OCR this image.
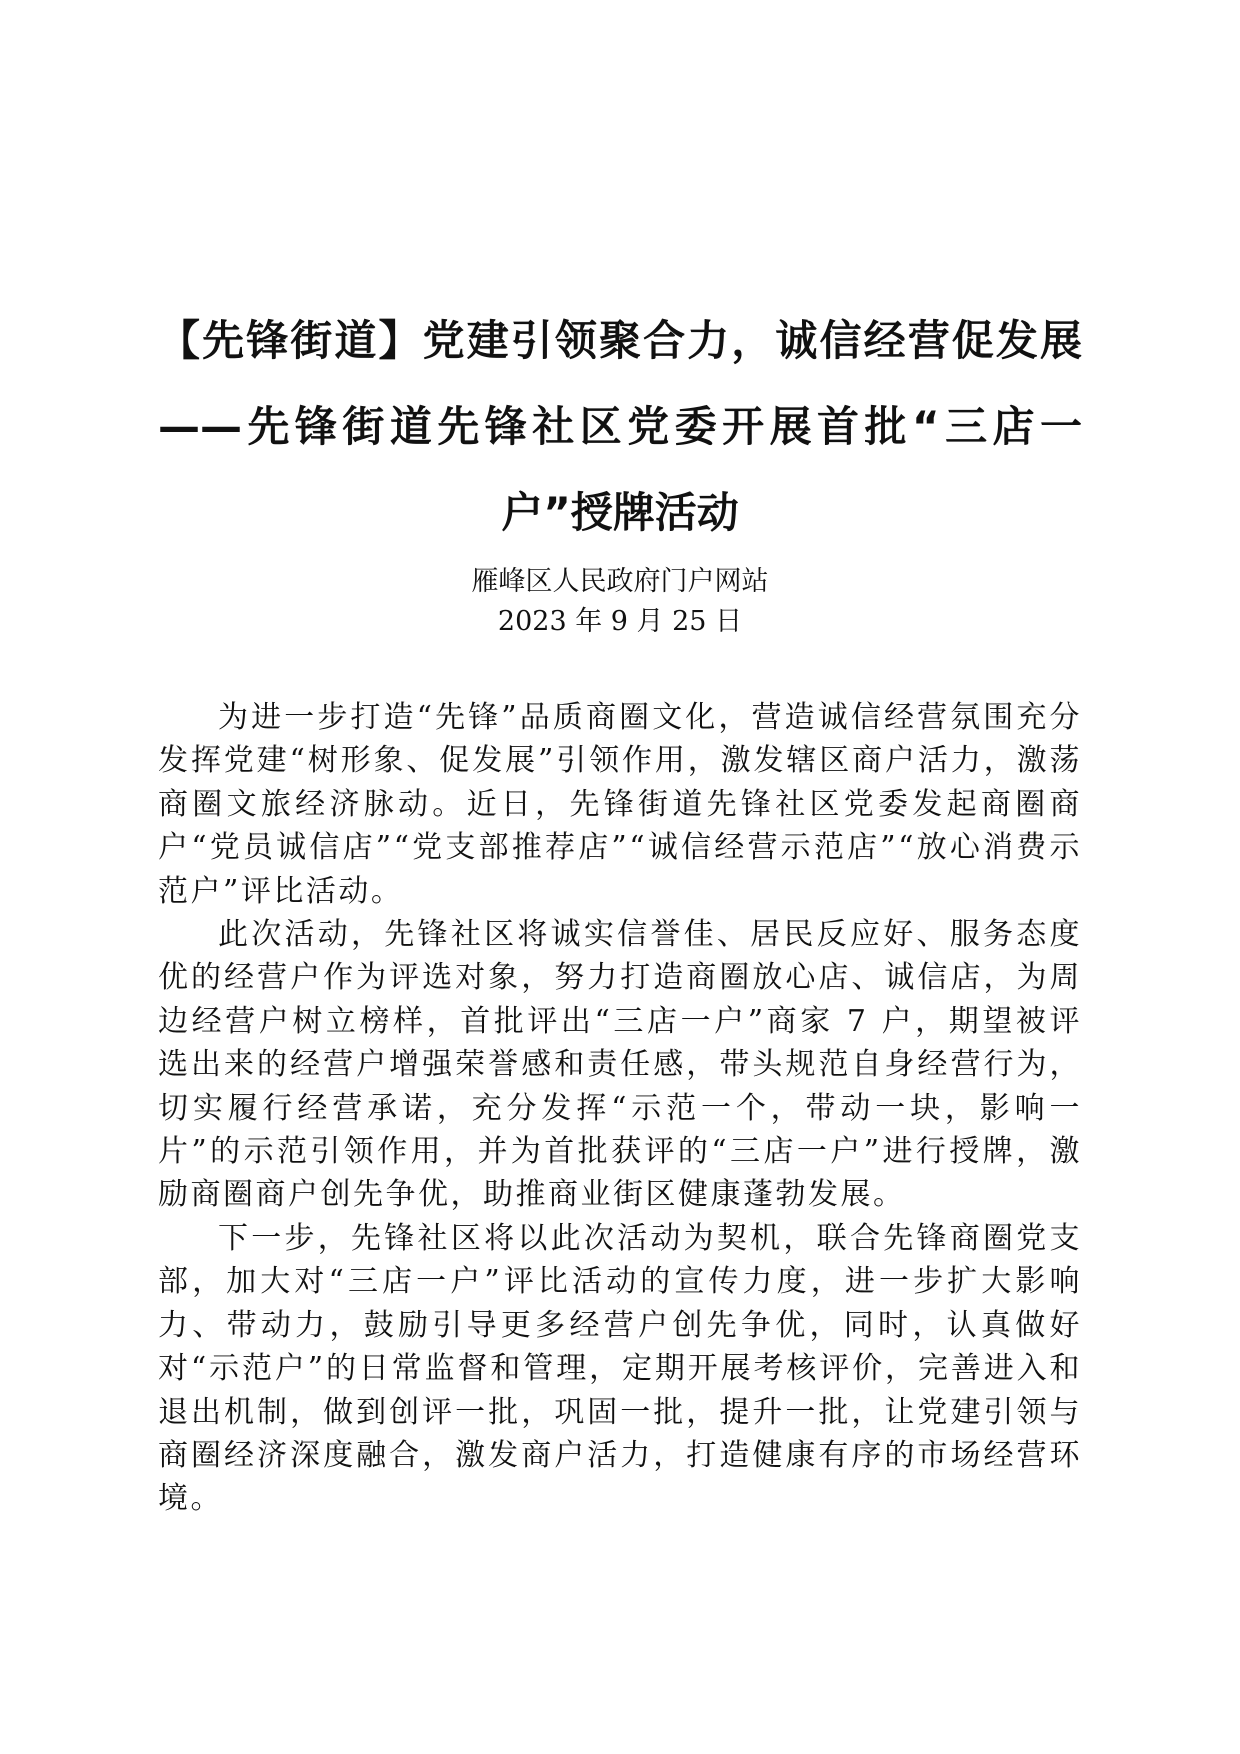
【先锋街道】党建引领聚合力，诚信经营促发展——先锋街道先锋社区党委开展首批“三店一户”授牌活动
雁峰区人民政府门户网站
2023 年 9 月 25 日

为进一步打造“先锋”品质商圈文化，营造诚信经营氛围充分发挥党建“树形象、促发展”引领作用，激发辖区商户活力，激荡商圈文旅经济脉动。近日，先锋街道先锋社区党委发起商圈商户“党员诚信店”“党支部推荐店”“诚信经营示范店”“放心消费示范户”评比活动。

此次活动，先锋社区将诚实信誉佳、居民反应好、服务态度优的经营户作为评选对象，努力打造商圈放心店、诚信店，为周边经营户树立榜样，首批评出“三店一户”商家 7 户，期望被评选出来的经营户增强荣誉感和责任感，带头规范自身经营行为，切实履行经营承诺，充分发挥“示范一个，带动一块，影响一片”的示范引领作用，并为首批获评的“三店一户”进行授牌，激励商圈商户创先争优，助推商业街区健康蓬勃发展。

下一步，先锋社区将以此次活动为契机，联合先锋商圈党支部，加大对“三店一户”评比活动的宣传力度，进一步扩大影响力、带动力，鼓励引导更多经营户创先争优，同时，认真做好对“示范户”的日常监督和管理，定期开展考核评价，完善进入和退出机制，做到创评一批，巩固一批，提升一批，让党建引领与商圈经济深度融合，激发商户活力，打造健康有序的市场经营环境。
